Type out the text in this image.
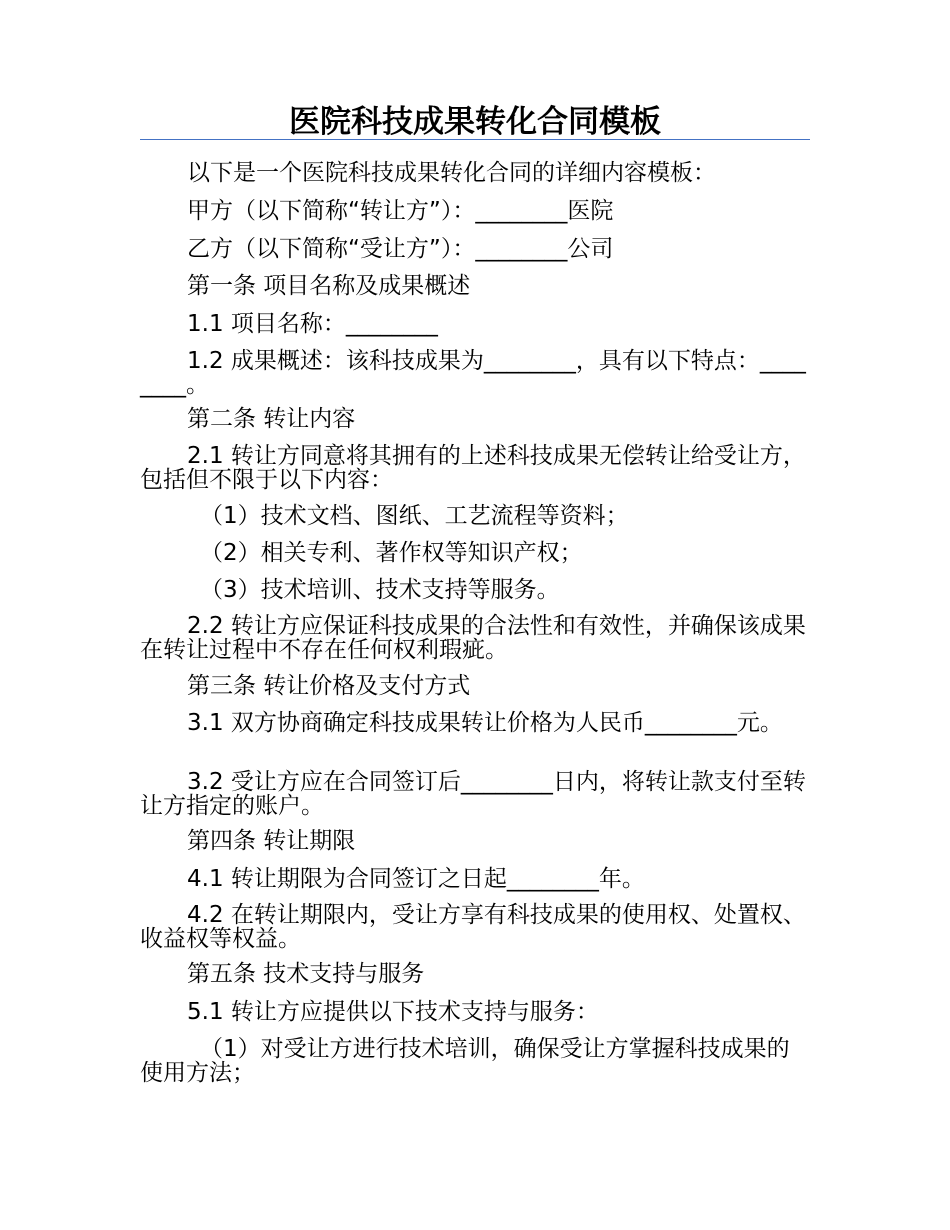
医院科技成果转化合同模板
以下是一个医院科技成果转化合同的详细内容模板：
甲方（以下简称“转让方”）：________医院
乙方（以下简称“受让方”）：________公司
第一条 项目名称及成果概述
1.1 项目名称：________
1.2 成果概述：该科技成果为________，具有以下特点：________。
第二条 转让内容
2.1 转让方同意将其拥有的上述科技成果无偿转让给受让方，包括但不限于以下内容：
（1）技术文档、图纸、工艺流程等资料；
（2）相关专利、著作权等知识产权；
（3）技术培训、技术支持等服务。
2.2 转让方应保证科技成果的合法性和有效性，并确保该成果在转让过程中不存在任何权利瑕疵。
第三条 转让价格及支付方式
3.1 双方协商确定科技成果转让价格为人民币________元。
3.2 受让方应在合同签订后________日内，将转让款支付至转让方指定的账户。
第四条 转让期限
4.1 转让期限为合同签订之日起________年。
4.2 在转让期限内，受让方享有科技成果的使用权、处置权、收益权等权益。
第五条 技术支持与服务
5.1 转让方应提供以下技术支持与服务：
（1）对受让方进行技术培训，确保受让方掌握科技成果的使用方法；
